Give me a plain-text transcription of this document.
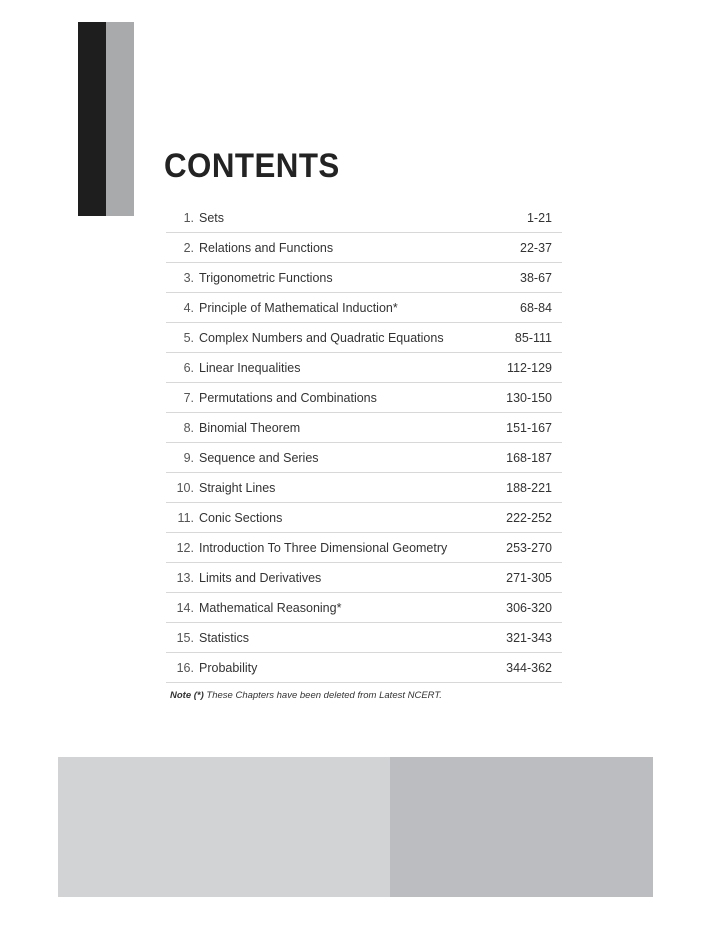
CONTENTS
1. Sets	1-21
2. Relations and Functions	22-37
3. Trigonometric Functions	38-67
4. Principle of Mathematical Induction*	68-84
5. Complex Numbers and Quadratic Equations	85-111
6. Linear Inequalities	112-129
7. Permutations and Combinations	130-150
8. Binomial Theorem	151-167
9. Sequence and Series	168-187
10. Straight Lines	188-221
11. Conic Sections	222-252
12. Introduction To Three Dimensional Geometry	253-270
13. Limits and Derivatives	271-305
14. Mathematical Reasoning*	306-320
15. Statistics	321-343
16. Probability	344-362
Note (*) These Chapters have been deleted from Latest NCERT.
